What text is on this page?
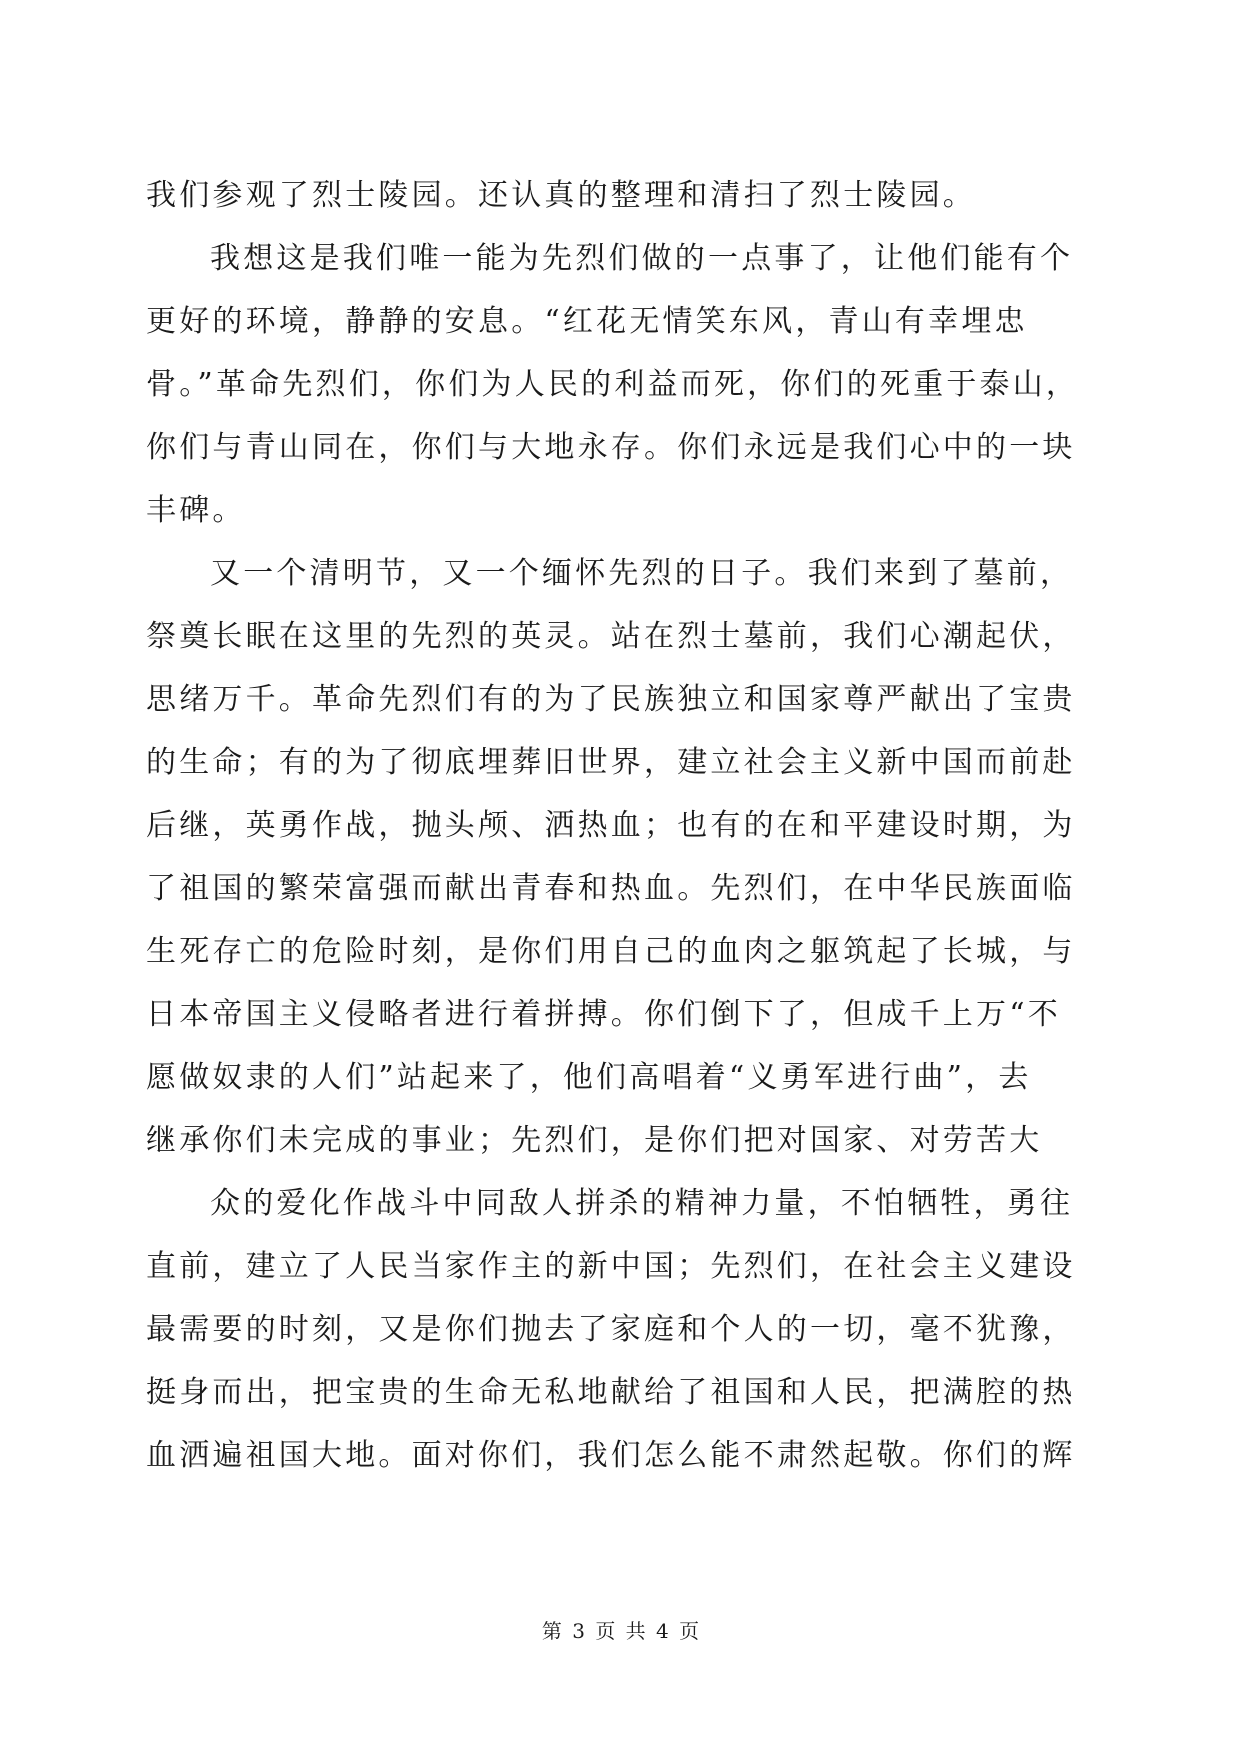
我们参观了烈士陵园。还认真的整理和清扫了烈士陵园。
我想这是我们唯一能为先烈们做的一点事了，让他们能有个
更好的环境，静静的安息。“红花无情笑东风，青山有幸埋忠
骨。”革命先烈们，你们为人民的利益而死，你们的死重于泰山，
你们与青山同在，你们与大地永存。你们永远是我们心中的一块
丰碑。
又一个清明节，又一个缅怀先烈的日子。我们来到了墓前，
祭奠长眠在这里的先烈的英灵。站在烈士墓前，我们心潮起伏，
思绪万千。革命先烈们有的为了民族独立和国家尊严献出了宝贵
的生命；有的为了彻底埋葬旧世界，建立社会主义新中国而前赴
后继，英勇作战，抛头颅、洒热血；也有的在和平建设时期，为
了祖国的繁荣富强而献出青春和热血。先烈们，在中华民族面临
生死存亡的危险时刻，是你们用自己的血肉之躯筑起了长城，与
日本帝国主义侵略者进行着拼搏。你们倒下了，但成千上万“不
愿做奴隶的人们”站起来了，他们高唱着“义勇军进行曲”，去
继承你们未完成的事业；先烈们，是你们把对国家、对劳苦大
众的爱化作战斗中同敌人拼杀的精神力量，不怕牺牲，勇往
直前，建立了人民当家作主的新中国；先烈们，在社会主义建设
最需要的时刻，又是你们抛去了家庭和个人的一切，毫不犹豫，
挺身而出，把宝贵的生命无私地献给了祖国和人民，把满腔的热
血洒遍祖国大地。面对你们，我们怎么能不肃然起敬。你们的辉
第 3 页 共 4 页
